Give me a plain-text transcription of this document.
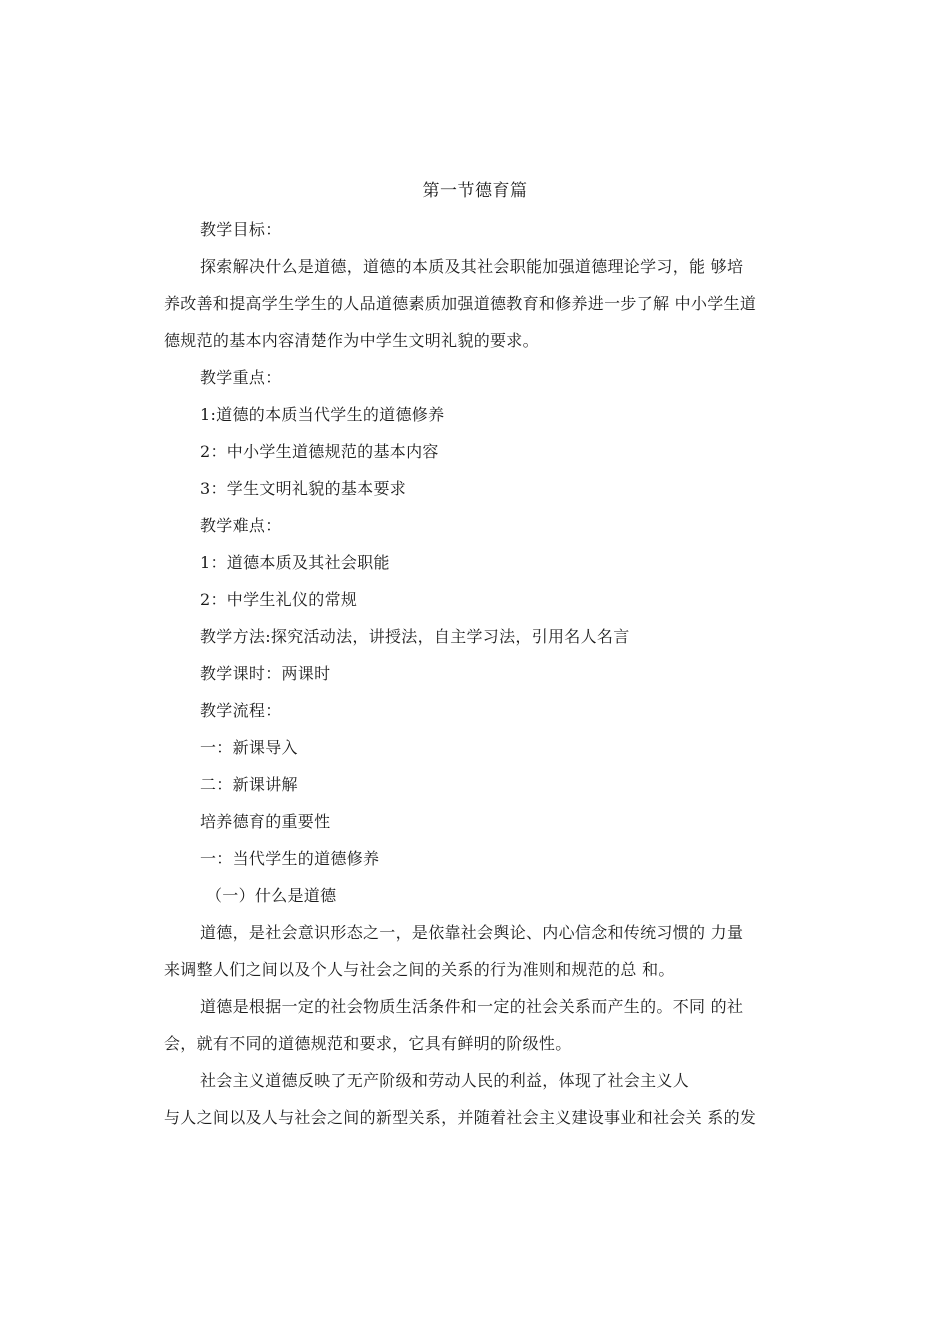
第一节德育篇
教学目标：
探索解决什么是道德，道德的本质及其社会职能加强道德理论学习，能 够培
养改善和提高学生学生的人品道德素质加强道德教育和修养进一步了解 中小学生道
德规范的基本内容清楚作为中学生文明礼貌的要求。
教学重点：
1:道德的本质当代学生的道德修养
2：中小学生道德规范的基本内容
3：学生文明礼貌的基本要求
教学难点：
1：道德本质及其社会职能
2：中学生礼仪的常规
教学方法:探究活动法，讲授法，自主学习法，引用名人名言
教学课时：两课时
教学流程：
一：新课导入
二：新课讲解
培养德育的重要性
一：当代学生的道德修养
（一）什么是道德
道德，是社会意识形态之一，是依靠社会舆论、内心信念和传统习惯的 力量
来调整人们之间以及个人与社会之间的关系的行为准则和规范的总 和。
道德是根据一定的社会物质生活条件和一定的社会关系而产生的。不同 的社
会，就有不同的道德规范和要求，它具有鲜明的阶级性。
社会主义道德反映了无产阶级和劳动人民的利益，体现了社会主义人
与人之间以及人与社会之间的新型关系，并随着社会主义建设事业和社会关 系的发
